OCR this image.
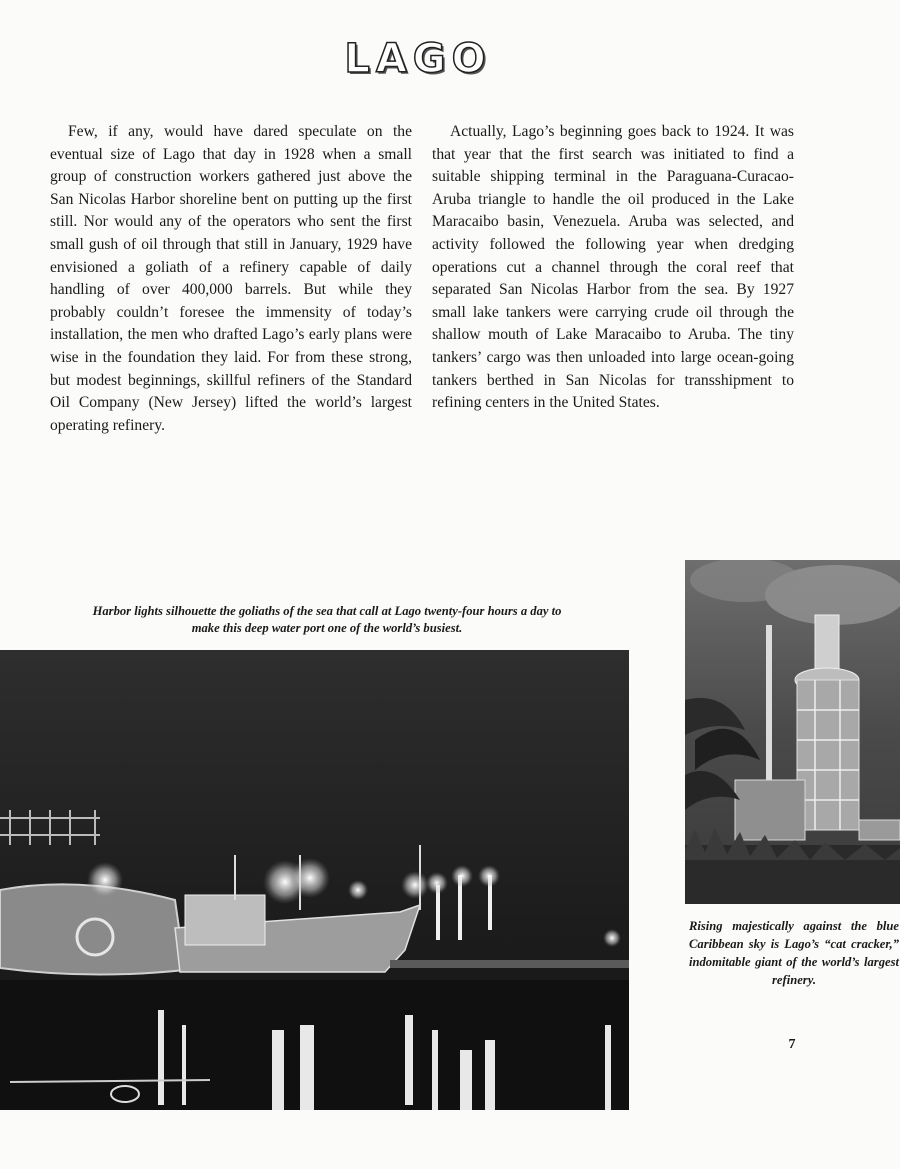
LAGO

Few, if any, would have dared speculate on the eventual size of Lago that day in 1928 when a small group of construction workers gathered just above the San Nicolas Harbor shoreline bent on putting up the first still. Nor would any of the operators who sent the first small gush of oil through that still in January, 1929 have envisioned a goliath of a refinery capable of daily handling of over 400,000 barrels. But while they probably couldn’t foresee the immensity of today’s installation, the men who drafted Lago’s early plans were wise in the foundation they laid. For from these strong, but modest beginnings, skillful refiners of the Standard Oil Company (New Jersey) lifted the world’s largest operating refinery.

Actually, Lago’s beginning goes back to 1924. It was that year that the first search was initiated to find a suitable shipping terminal in the Paraguana-Curacao-Aruba triangle to handle the oil produced in the Lake Maracaibo basin, Venezuela. Aruba was selected, and activity followed the following year when dredging operations cut a channel through the coral reef that separated San Nicolas Harbor from the sea. By 1927 small lake tankers were carrying crude oil through the shallow mouth of Lake Maracaibo to Aruba. The tiny tankers’ cargo was then unloaded into large ocean-going tankers berthed in San Nicolas for transshipment to refining centers in the United States.

Harbor lights silhouette the goliaths of the sea that call at Lago twenty-four hours a day to make this deep water port one of the world’s busiest.
Rising majestically against the blue Caribbean sky is Lago’s “cat cracker,” indomitable giant of the world’s largest refinery.
7
